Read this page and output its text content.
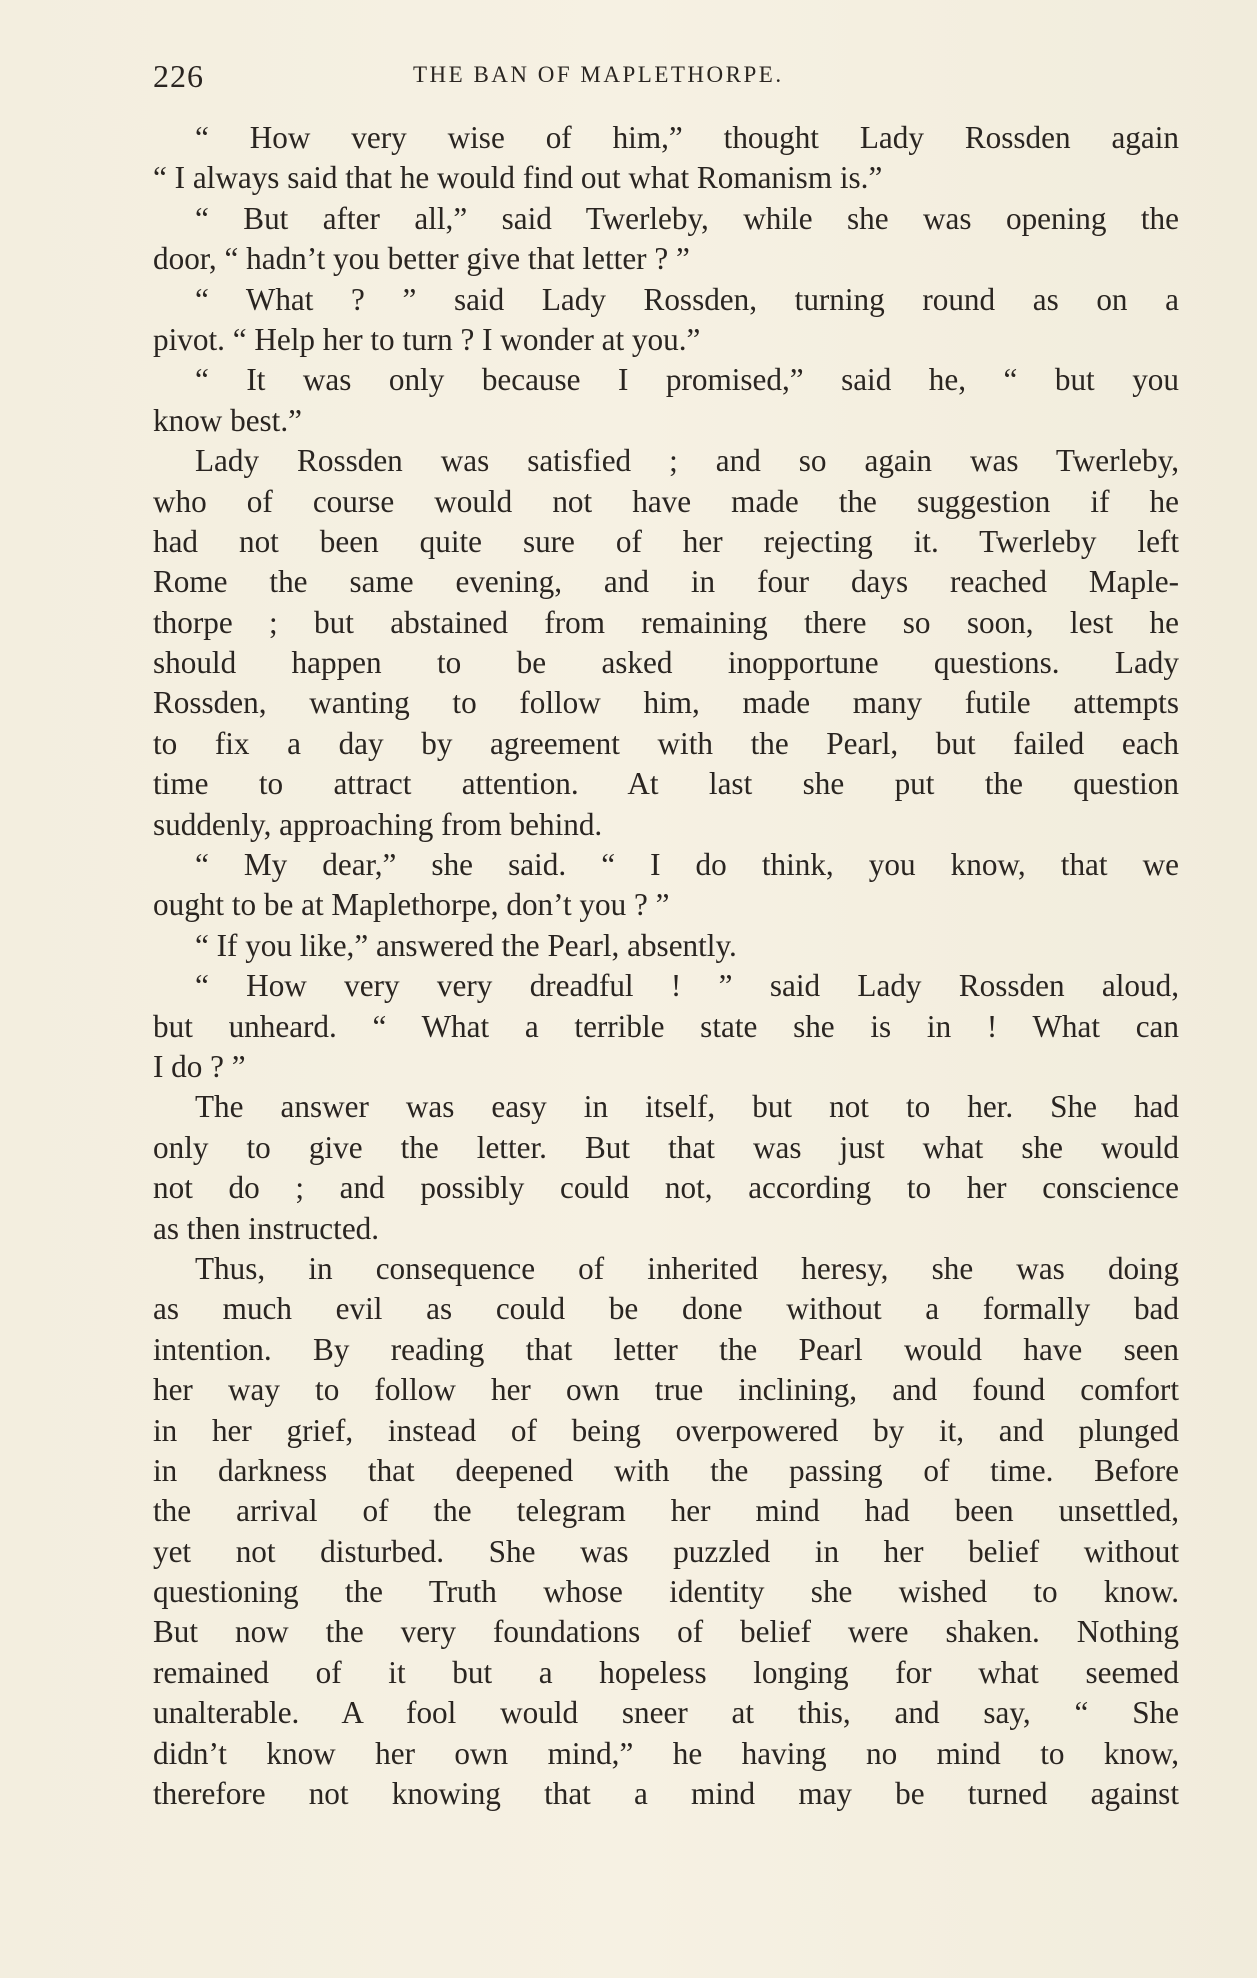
226	THE BAN OF MAPLETHORPE.
“ How very wise of him,” thought Lady Rossden again
“ I always said that he would find out what Romanism is.”
“ But after all,” said Twerleby, while she was opening the
door, “ hadn’t you better give that letter ? ”
“ What ? ” said Lady Rossden, turning round as on a
pivot. “ Help her to turn ? I wonder at you.”
“ It was only because I promised,” said he, “ but you
know best.”
Lady Rossden was satisfied ; and so again was Twerleby,
who of course would not have made the suggestion if he
had not been quite sure of her rejecting it. Twerleby left
Rome the same evening, and in four days reached Maple-
thorpe ; but abstained from remaining there so soon, lest he
should happen to be asked inopportune questions. Lady
Rossden, wanting to follow him, made many futile attempts
to fix a day by agreement with the Pearl, but failed each
time to attract attention. At last she put the question
suddenly, approaching from behind.
“ My dear,” she said. “ I do think, you know, that we
ought to be at Maplethorpe, don’t you ? ”
“ If you like,” answered the Pearl, absently.
“ How very very dreadful ! ” said Lady Rossden aloud,
but unheard. “ What a terrible state she is in ! What can
I do ? ”
The answer was easy in itself, but not to her. She had
only to give the letter. But that was just what she would
not do ; and possibly could not, according to her conscience
as then instructed.
Thus, in consequence of inherited heresy, she was doing
as much evil as could be done without a formally bad
intention. By reading that letter the Pearl would have seen
her way to follow her own true inclining, and found comfort
in her grief, instead of being overpowered by it, and plunged
in darkness that deepened with the passing of time. Before
the arrival of the telegram her mind had been unsettled,
yet not disturbed. She was puzzled in her belief without
questioning the Truth whose identity she wished to know.
But now the very foundations of belief were shaken. Nothing
remained of it but a hopeless longing for what seemed
unalterable. A fool would sneer at this, and say, “ She
didn’t know her own mind,” he having no mind to know,
therefore not knowing that a mind may be turned against
